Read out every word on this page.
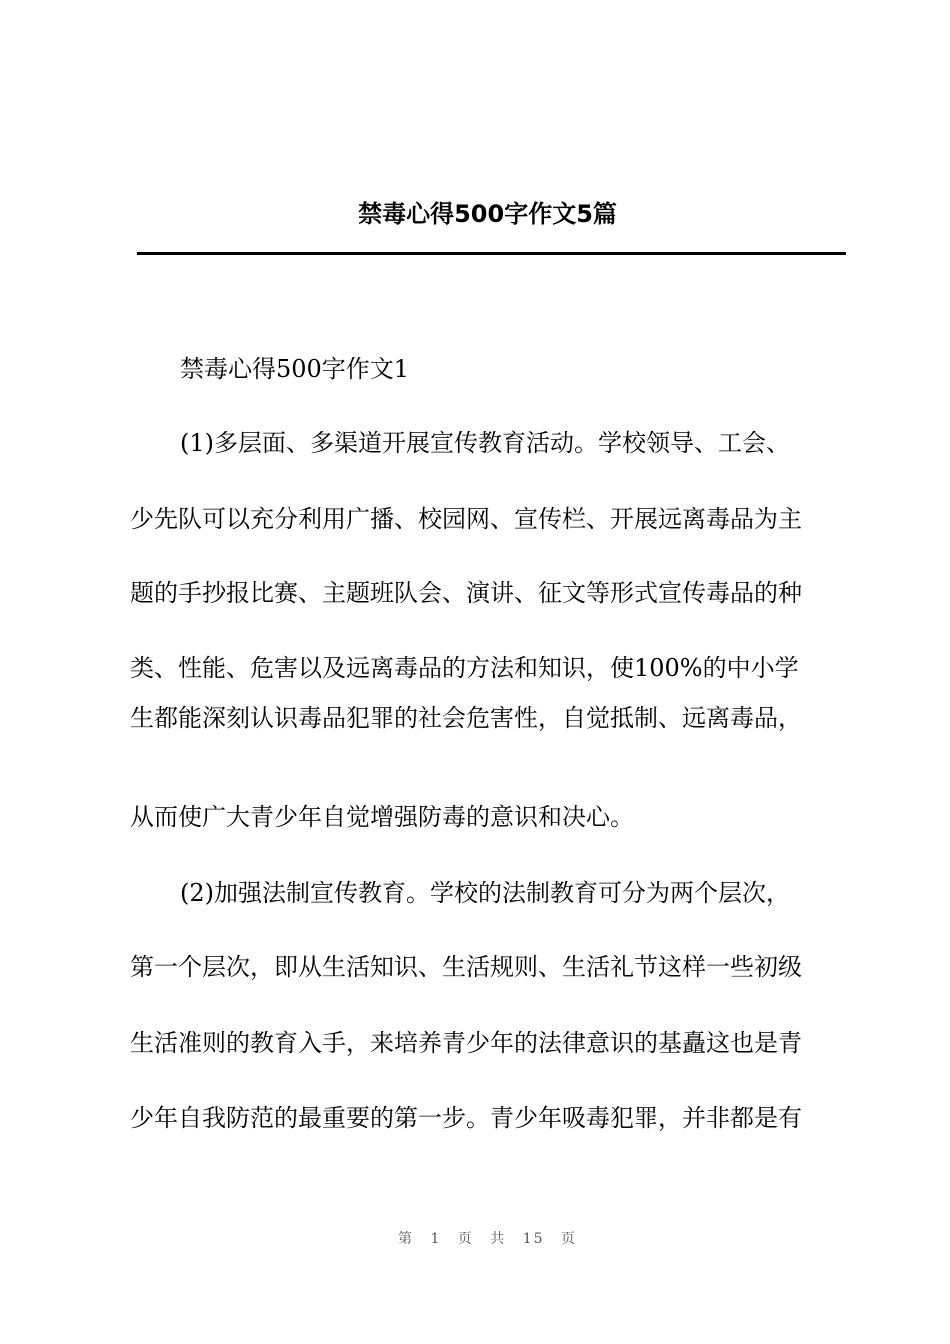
禁毒心得500字作文5篇

禁毒心得500字作文1

(1)多层面、多渠道开展宣传教育活动。学校领导、工会、

少先队可以充分利用广播、校园网、宣传栏、开展远离毒品为主

题的手抄报比赛、主题班队会、演讲、征文等形式宣传毒品的种

类、性能、危害以及远离毒品的方法和知识，使100%的中小学

生都能深刻认识毒品犯罪的社会危害性，自觉抵制、远离毒品，

从而使广大青少年自觉增强防毒的意识和决心。

(2)加强法制宣传教育。学校的法制教育可分为两个层次，

第一个层次，即从生活知识、生活规则、生活礼节这样一些初级

生活准则的教育入手，来培养青少年的法律意识的基矗这也是青

少年自我防范的最重要的第一步。青少年吸毒犯罪，并非都是有

第 1 页 共 15 页
